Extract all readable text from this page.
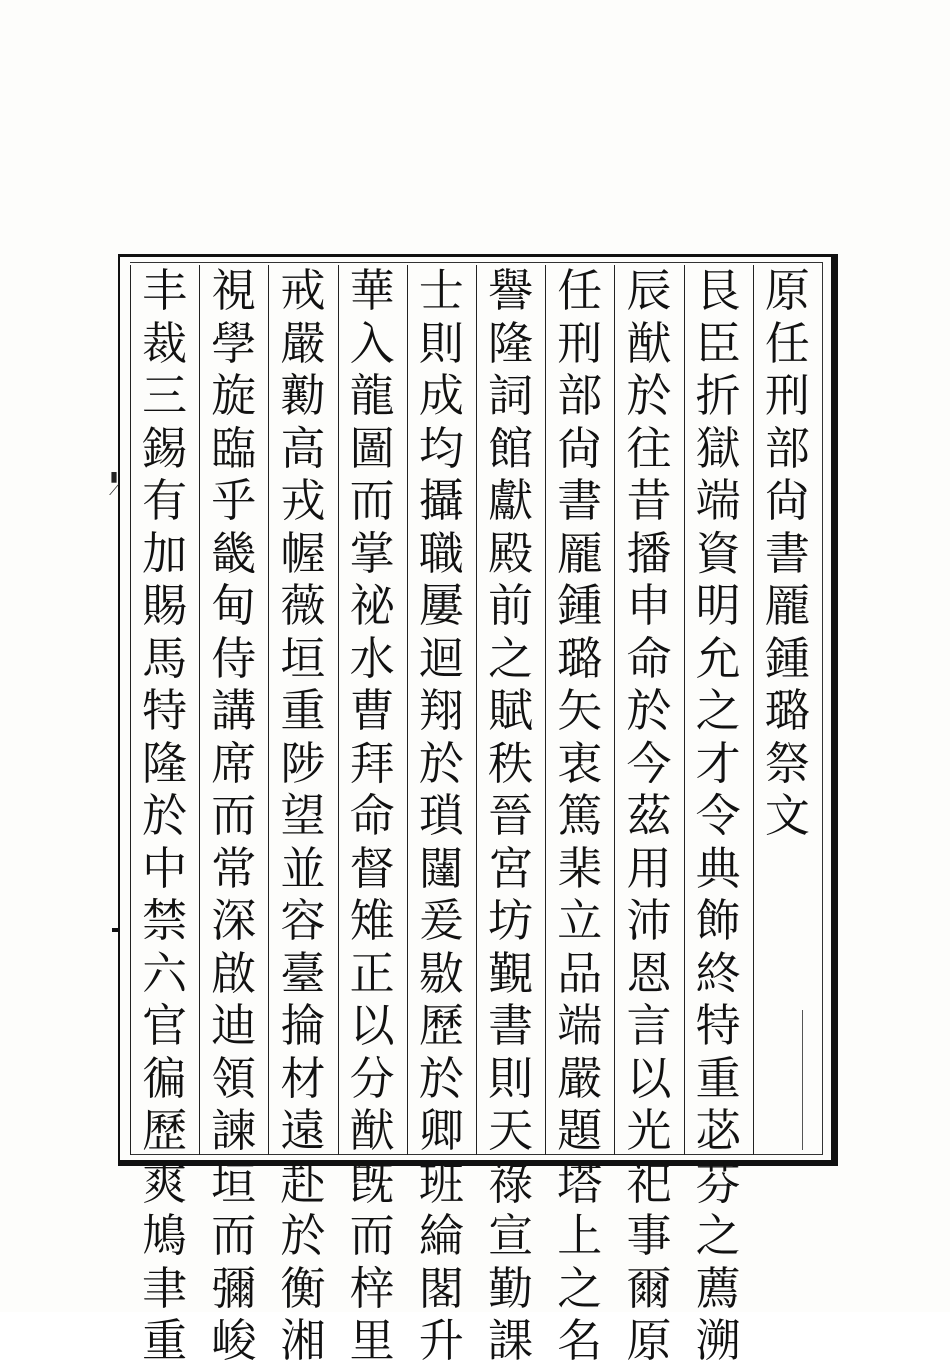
原
任
刑
部
尙
書
龎
鍾
璐
祭
文
艮
臣
折
獄
端
資
明
允
之
才
令
典
飾
終
特
重
苾
芬
之
薦
溯
辰
猷
於
往
昔
播
申
命
於
今
茲
用
沛
恩
言
以
光
祀
事
爾
原
任
刑
部
尙
書
龎
鍾
璐
矢
衷
篤
棐
立
品
端
嚴
題
塔
上
之
名
譽
隆
詞
館
獻
殿
前
之
賦
秩
晉
宮
坊
覲
書
則
天
祿
宣
勤
課
士
則
成
均
攝
職
屢
迴
翔
於
瑣
闥
爰
敭
歷
於
卿
班
綸
閣
升
華
入
龍
圖
而
掌
祕
水
曹
拜
命
督
雉
正
以
分
猷
旣
而
梓
里
戒
嚴
勷
高
戎
幄
薇
垣
重
陟
望
並
容
臺
掄
材
遠
赴
於
衡
湘
視
學
旋
臨
乎
畿
甸
侍
講
席
而
常
深
啟
迪
領
諫
垣
而
彌
峻
丰
裁
三
錫
有
加
賜
馬
特
隆
於
中
禁
六
官
徧
歷
爽
鳩
聿
重
▮
⟋
